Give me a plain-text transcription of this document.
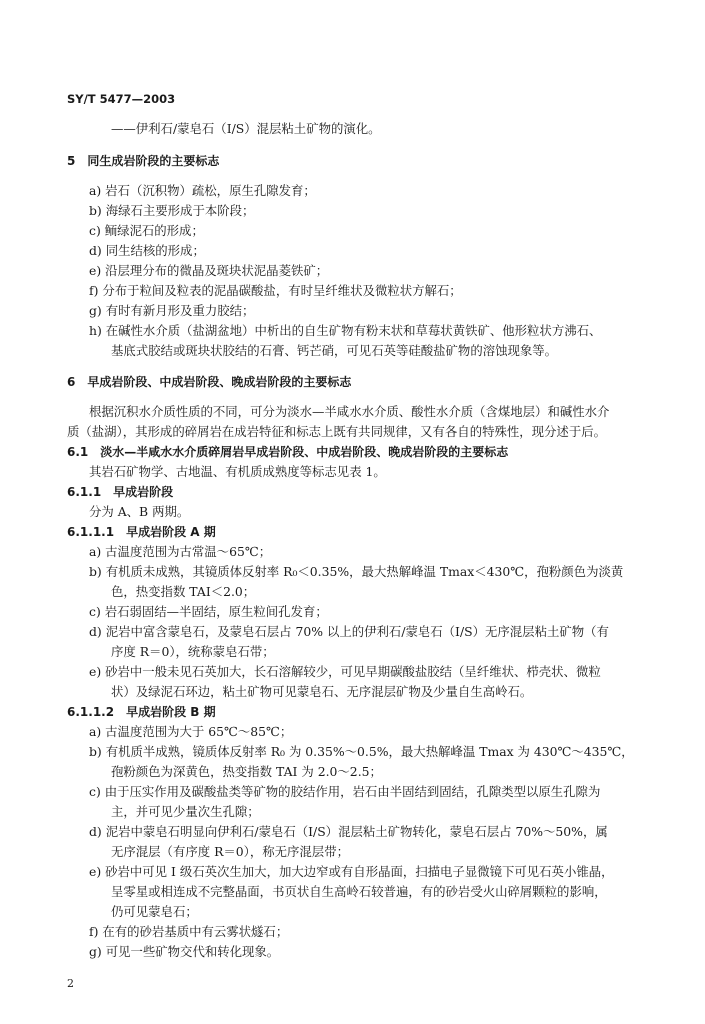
SY/T 5477—2003
——伊利石/蒙皂石（I/S）混层粘土矿物的演化。
5　同生成岩阶段的主要标志
a) 岩石（沉积物）疏松，原生孔隙发育；
b) 海绿石主要形成于本阶段；
c) 鲕绿泥石的形成；
d) 同生结核的形成；
e) 沿层理分布的微晶及斑块状泥晶菱铁矿；
f) 分布于粒间及粒表的泥晶碳酸盐，有时呈纤维状及微粒状方解石；
g) 有时有新月形及重力胶结；
h) 在碱性水介质（盐湖盆地）中析出的自生矿物有粉末状和草莓状黄铁矿、他形粒状方沸石、
基底式胶结或斑块状胶结的石膏、钙芒硝，可见石英等硅酸盐矿物的溶蚀现象等。
6　早成岩阶段、中成岩阶段、晚成岩阶段的主要标志
根据沉积水介质性质的不同，可分为淡水—半咸水水介质、酸性水介质（含煤地层）和碱性水介
质（盐湖），其形成的碎屑岩在成岩特征和标志上既有共同规律，又有各自的特殊性，现分述于后。
6.1　淡水—半咸水水介质碎屑岩早成岩阶段、中成岩阶段、晚成岩阶段的主要标志
其岩石矿物学、古地温、有机质成熟度等标志见表 1。
6.1.1　早成岩阶段
分为 A、B 两期。
6.1.1.1　早成岩阶段 A 期
a) 古温度范围为古常温～65℃；
b) 有机质未成熟，其镜质体反射率 R₀＜0.35%，最大热解峰温 Tmax＜430℃，孢粉颜色为淡黄
色，热变指数 TAI＜2.0；
c) 岩石弱固结—半固结，原生粒间孔发育；
d) 泥岩中富含蒙皂石，及蒙皂石层占 70% 以上的伊利石/蒙皂石（I/S）无序混层粘土矿物（有
序度 R＝0），统称蒙皂石带；
e) 砂岩中一般未见石英加大，长石溶解较少，可见早期碳酸盐胶结（呈纤维状、栉壳状、微粒
状）及绿泥石环边，粘土矿物可见蒙皂石、无序混层矿物及少量自生高岭石。
6.1.1.2　早成岩阶段 B 期
a) 古温度范围为大于 65℃～85℃；
b) 有机质半成熟，镜质体反射率 R₀ 为 0.35%～0.5%，最大热解峰温 Tmax 为 430℃～435℃，
孢粉颜色为深黄色，热变指数 TAI 为 2.0～2.5；
c) 由于压实作用及碳酸盐类等矿物的胶结作用，岩石由半固结到固结，孔隙类型以原生孔隙为
主，并可见少量次生孔隙；
d) 泥岩中蒙皂石明显向伊利石/蒙皂石（I/S）混层粘土矿物转化，蒙皂石层占 70%～50%，属
无序混层（有序度 R＝0），称无序混层带；
e) 砂岩中可见 I 级石英次生加大，加大边窄或有自形晶面，扫描电子显微镜下可见石英小锥晶，
呈零星或相连成不完整晶面，书页状自生高岭石较普遍，有的砂岩受火山碎屑颗粒的影响，
仍可见蒙皂石；
f) 在有的砂岩基质中有云雾状燧石；
g) 可见一些矿物交代和转化现象。
2
